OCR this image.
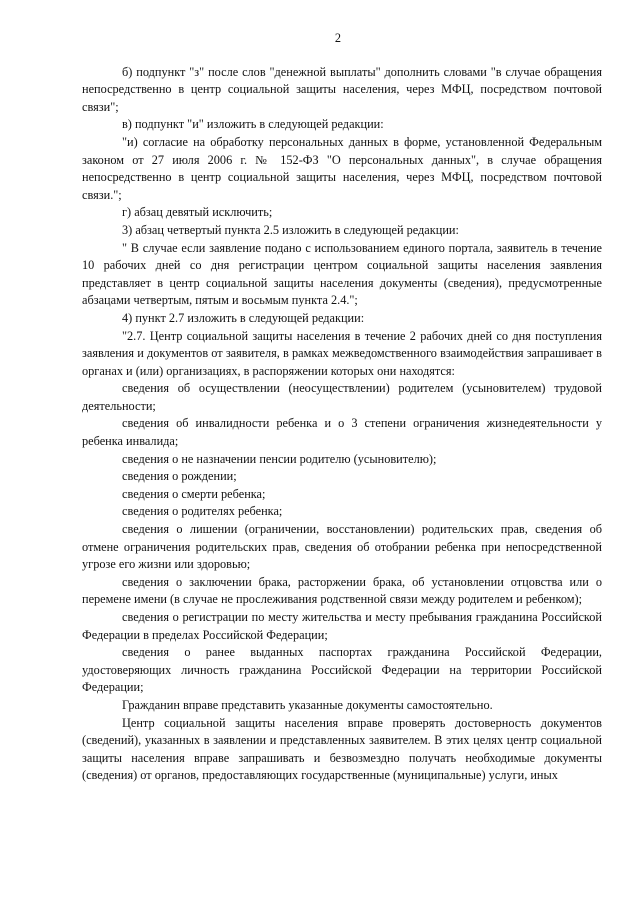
2

б) подпункт "з" после слов "денежной выплаты" дополнить словами "в случае обращения непосредственно в центр социальной защиты населения, через МФЦ, посредством почтовой связи";

в) подпункт "и" изложить в следующей редакции:

"и) согласие на обработку персональных данных в форме, установленной Федеральным законом от 27 июля 2006 г. № 152-ФЗ "О персональных данных", в случае обращения непосредственно в центр социальной защиты населения, через МФЦ, посредством почтовой связи.";

г) абзац девятый исключить;

3) абзац четвертый пункта 2.5 изложить в следующей редакции:

" В случае если заявление подано с использованием единого портала, заявитель в течение 10 рабочих дней со дня регистрации центром социальной защиты населения заявления представляет в центр социальной защиты населения документы (сведения), предусмотренные абзацами четвертым, пятым и восьмым пункта 2.4.";

4) пункт 2.7 изложить в следующей редакции:

"2.7. Центр социальной защиты населения в течение 2 рабочих дней со дня поступления заявления и документов от заявителя, в рамках межведомственного взаимодействия запрашивает в органах и (или) организациях, в распоряжении которых они находятся:

сведения об осуществлении (неосуществлении) родителем (усыновителем) трудовой деятельности;

сведения об инвалидности ребенка и о 3 степени ограничения жизнедеятельности у ребенка инвалида;

сведения о не назначении пенсии родителю (усыновителю);

сведения о рождении;

сведения о смерти ребенка;

сведения о родителях ребенка;

сведения о лишении (ограничении, восстановлении) родительских прав, сведения об отмене ограничения родительских прав, сведения об отобрании ребенка при непосредственной угрозе его жизни или здоровью;

сведения о заключении брака, расторжении брака, об установлении отцовства или о перемене имени (в случае не прослеживания родственной связи между родителем и ребенком);

сведения о регистрации по месту жительства и месту пребывания гражданина Российской Федерации в пределах Российской Федерации;

сведения о ранее выданных паспортах гражданина Российской Федерации, удостоверяющих личность гражданина Российской Федерации на территории Российской Федерации;

Гражданин вправе представить указанные документы самостоятельно.

Центр социальной защиты населения вправе проверять достоверность документов (сведений), указанных в заявлении и представленных заявителем. В этих целях центр социальной защиты населения вправе запрашивать и безвозмездно получать необходимые документы (сведения) от органов, предоставляющих государственные (муниципальные) услуги, иных
